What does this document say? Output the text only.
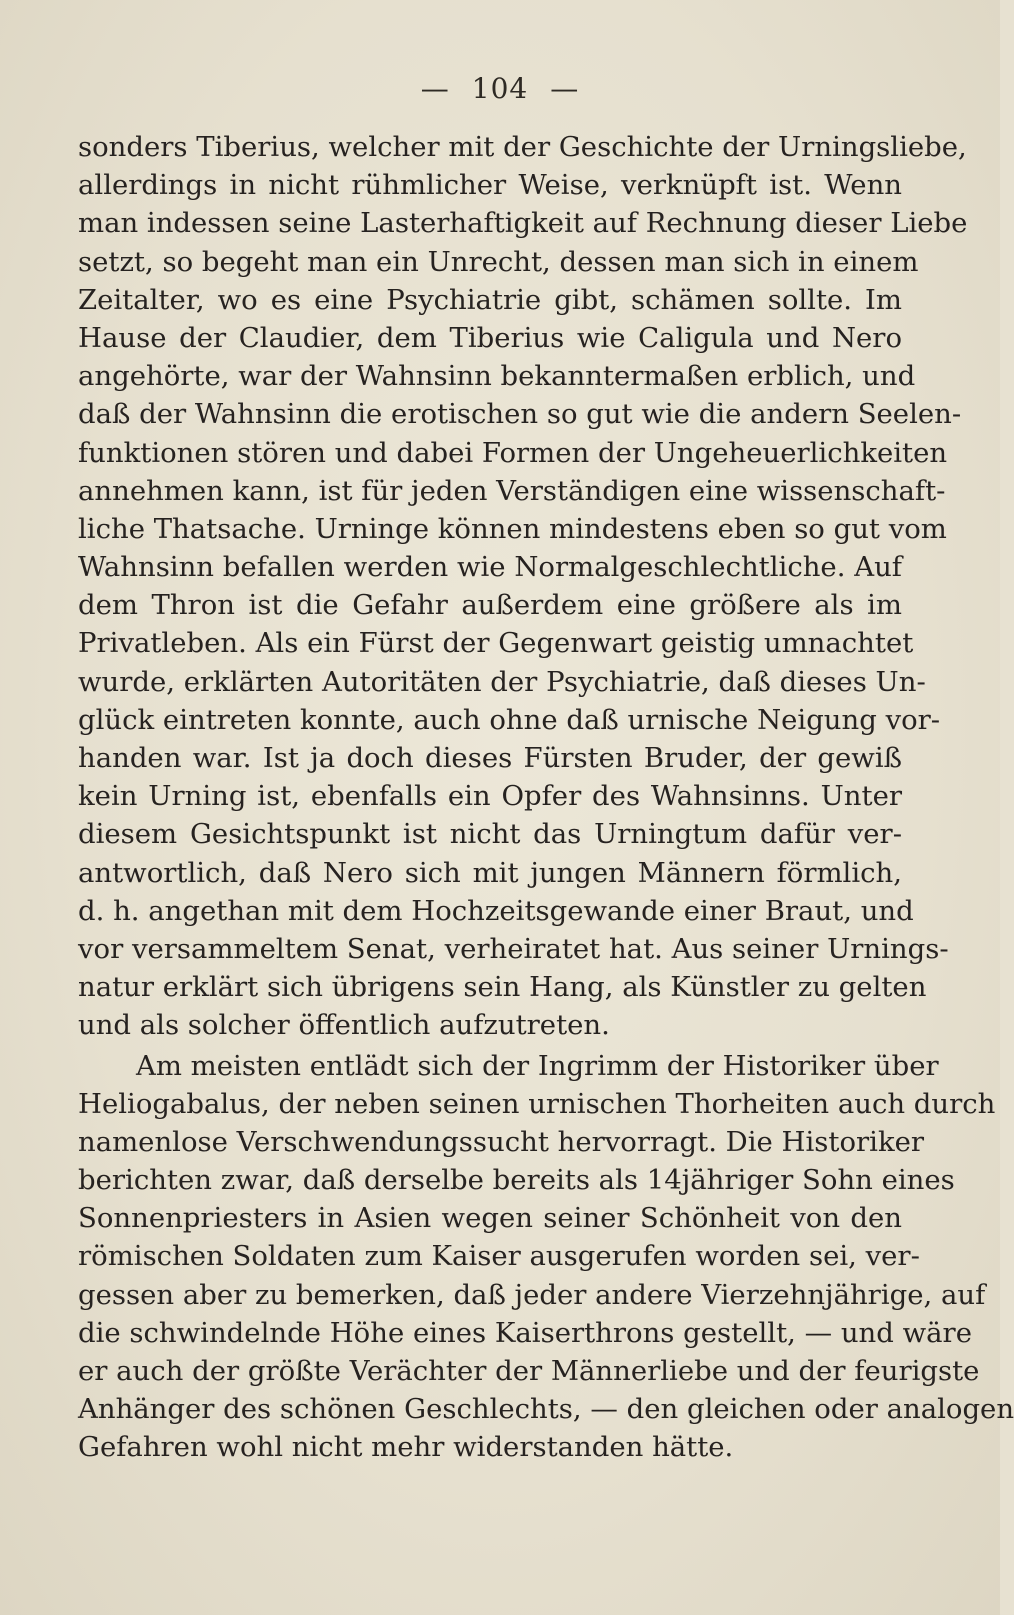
— 104 —
sonders Tiberius, welcher mit der Geschichte der Urningsliebe,
allerdings in nicht rühmlicher Weise, verknüpft ist. Wenn
man indessen seine Lasterhaftigkeit auf Rechnung dieser Liebe
setzt, so begeht man ein Unrecht, dessen man sich in einem
Zeitalter, wo es eine Psychiatrie gibt, schämen sollte. Im
Hause der Claudier, dem Tiberius wie Caligula und Nero
angehörte, war der Wahnsinn bekanntermaßen erblich, und
daß der Wahnsinn die erotischen so gut wie die andern Seelen-
funktionen stören und dabei Formen der Ungeheuerlichkeiten
annehmen kann, ist für jeden Verständigen eine wissenschaft-
liche Thatsache. Urninge können mindestens eben so gut vom
Wahnsinn befallen werden wie Normalgeschlechtliche. Auf
dem Thron ist die Gefahr außerdem eine größere als im
Privatleben. Als ein Fürst der Gegenwart geistig umnachtet
wurde, erklärten Autoritäten der Psychiatrie, daß dieses Un-
glück eintreten konnte, auch ohne daß urnische Neigung vor-
handen war. Ist ja doch dieses Fürsten Bruder, der gewiß
kein Urning ist, ebenfalls ein Opfer des Wahnsinns. Unter
diesem Gesichtspunkt ist nicht das Urningtum dafür ver-
antwortlich, daß Nero sich mit jungen Männern förmlich,
d. h. angethan mit dem Hochzeitsgewande einer Braut, und
vor versammeltem Senat, verheiratet hat. Aus seiner Urnings-
natur erklärt sich übrigens sein Hang, als Künstler zu gelten
und als solcher öffentlich aufzutreten.
Am meisten entlädt sich der Ingrimm der Historiker über
Heliogabalus, der neben seinen urnischen Thorheiten auch durch
namenlose Verschwendungssucht hervorragt. Die Historiker
berichten zwar, daß derselbe bereits als 14jähriger Sohn eines
Sonnenpriesters in Asien wegen seiner Schönheit von den
römischen Soldaten zum Kaiser ausgerufen worden sei, ver-
gessen aber zu bemerken, daß jeder andere Vierzehnjährige, auf
die schwindelnde Höhe eines Kaiserthrons gestellt, — und wäre
er auch der größte Verächter der Männerliebe und der feurigste
Anhänger des schönen Geschlechts, — den gleichen oder analogen
Gefahren wohl nicht mehr widerstanden hätte.
